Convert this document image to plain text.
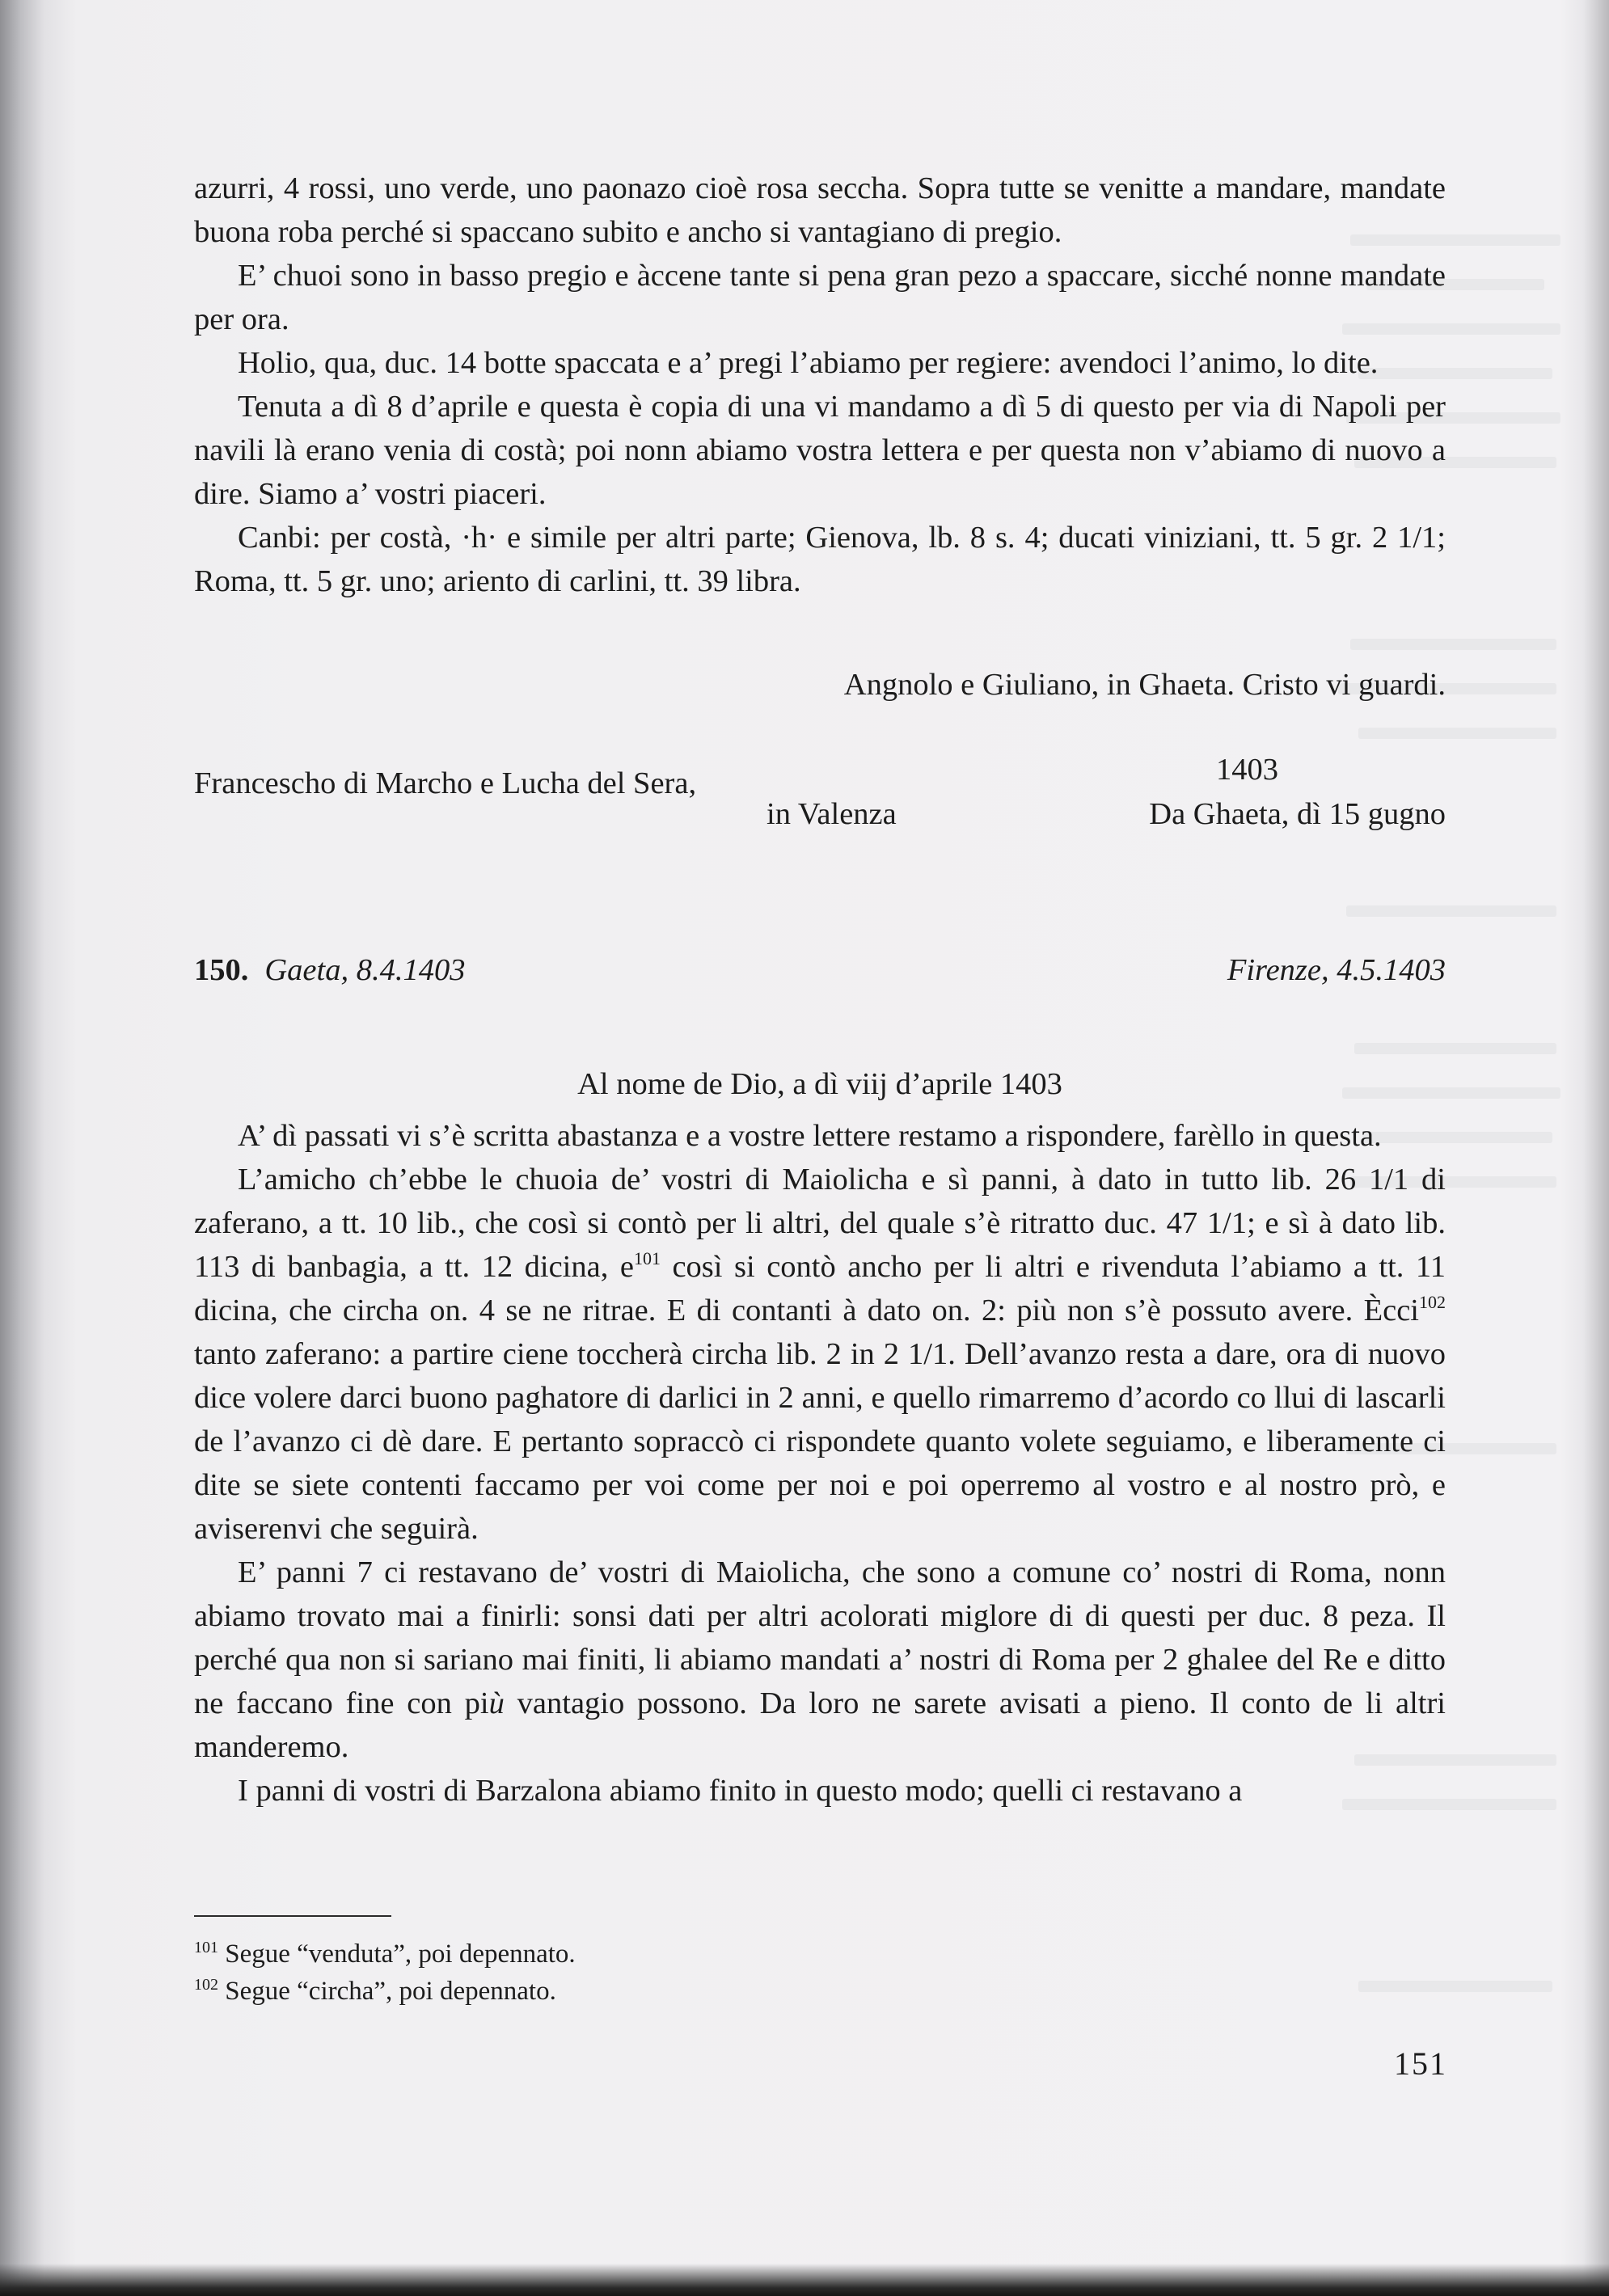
azurri, 4 rossi, uno verde, uno paonazo cioè rosa seccha. Sopra tutte se venitte a mandare, mandate buona roba perché si spaccano subito e ancho si vantagiano di pregio.

E’ chuoi sono in basso pregio e àccene tante si pena gran pezo a spaccare, sicché nonne mandate per ora.

Holio, qua, duc. 14 botte spaccata e a’ pregi l’abiamo per regiere: avendoci l’animo, lo dite.

Tenuta a dì 8 d’aprile e questa è copia di una vi mandamo a dì 5 di questo per via di Napoli per navili là erano venia di costà; poi nonn abiamo vostra lettera e per questa non v’abiamo di nuovo a dire. Siamo a’ vostri piaceri.

Canbi: per costà, ·h· e simile per altri parte; Gienova, lb. 8 s. 4; ducati viniziani, tt. 5 gr. 2 1/1; Roma, tt. 5 gr. uno; ariento di carlini, tt. 39 libra.

Angnolo e Giuliano, in Ghaeta. Cristo vi guardi.
Francescho di Marcho e Lucha del Sera,	1403
in Valenza	Da Ghaeta, dì 15 gugno
150. Gaeta, 8.4.1403	Firenze, 4.5.1403
Al nome de Dio, a dì viij d’aprile 1403

A’ dì passati vi s’è scritta abastanza e a vostre lettere restamo a rispondere, farèllo in questa.

L’amicho ch’ebbe le chuoia de’ vostri di Maiolicha e sì panni, à dato in tutto lib. 26 1/1 di zaferano, a tt. 10 lib., che così si contò per li altri, del quale s’è ritratto duc. 47 1/1; e sì à dato lib. 113 di banbagia, a tt. 12 dicina, $e^{101}$ così si contò ancho per li altri e rivenduta l’abiamo a tt. 11 dicina, che circha on. 4 se ne ritrae. E di contanti à dato on. 2: più non s’è possuto avere. Ècci$^{102}$ tanto zaferano: a partire ciene toccherà circha lib. 2 in 2 1/1. Dell’avanzo resta a dare, ora di nuovo dice volere darci buono paghatore di darlici in 2 anni, e quello rimarremo d’acordo co llui di lascarli de l’avanzo ci dè dare. E pertanto sopraccò ci rispondete quanto volete seguiamo, e liberamente ci dite se siete contenti faccamo per voi come per noi e poi operremo al vostro e al nostro prò, e aviserenvi che seguirà.

E’ panni 7 ci restavano de’ vostri di Maiolicha, che sono a comune co’ nostri di Roma, nonn abiamo trovato mai a finirli: sonsi dati per altri acolorati miglore di di questi per duc. 8 peza. Il perché qua non si sariano mai finiti, li abiamo mandati a’ nostri di Roma per 2 ghalee del Re e ditto ne faccano fine con più vantagio possono. Da loro ne sarete avisati a pieno. Il conto de li altri manderemo.

I panni di vostri di Barzalona abiamo finito in questo modo; quelli ci restavano a

$^{101}$ Segue “venduta”, poi depennato.
$^{102}$ Segue “circha”, poi depennato.
151
